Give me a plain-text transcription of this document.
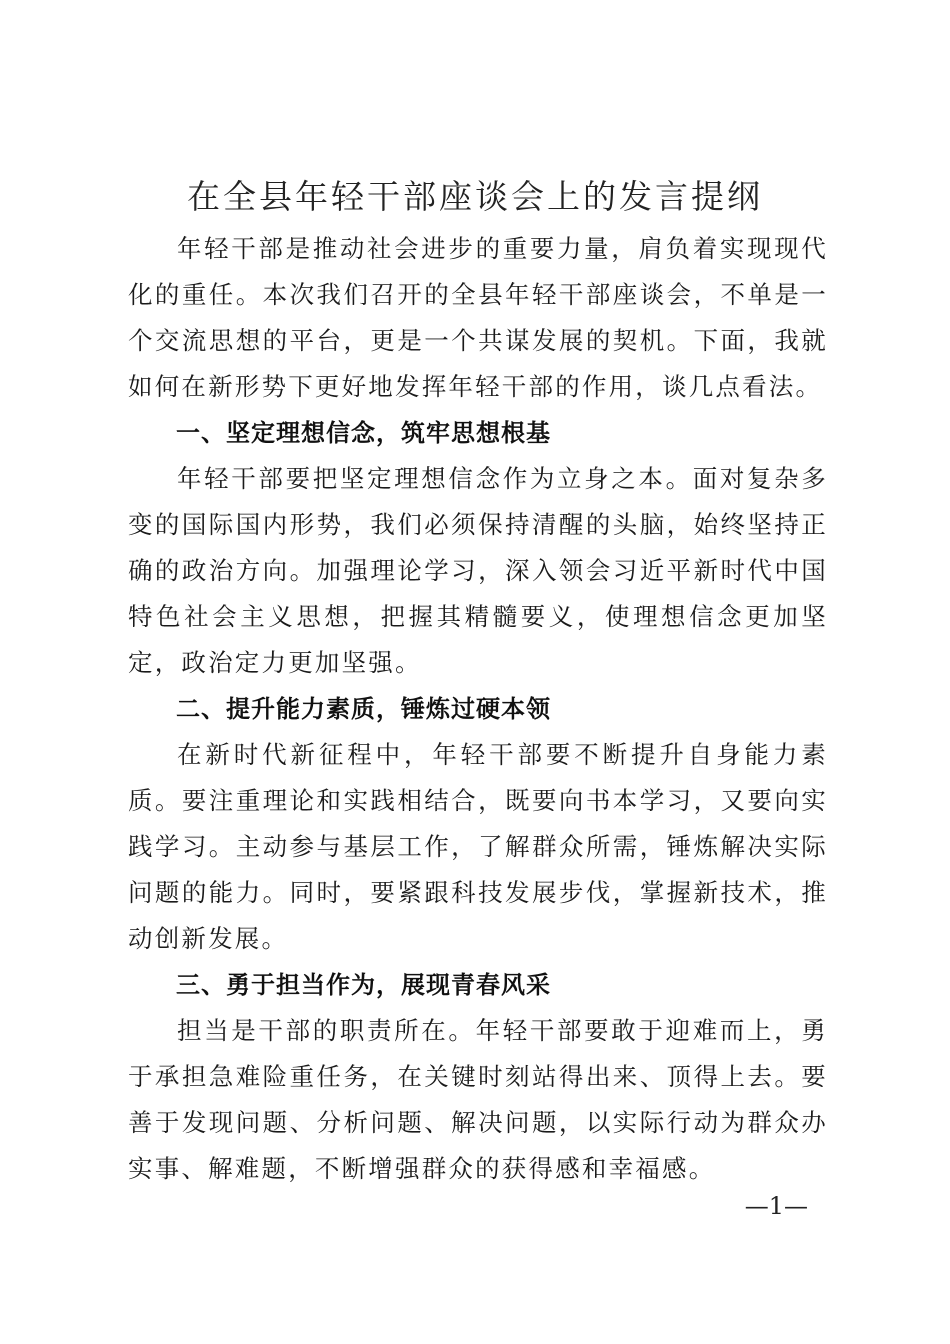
在全县年轻干部座谈会上的发言提纲

年轻干部是推动社会进步的重要力量，肩负着实现现代化的重任。本次我们召开的全县年轻干部座谈会，不单是一个交流思想的平台，更是一个共谋发展的契机。下面，我就如何在新形势下更好地发挥年轻干部的作用，谈几点看法。

一、坚定理想信念，筑牢思想根基

年轻干部要把坚定理想信念作为立身之本。面对复杂多变的国际国内形势，我们必须保持清醒的头脑，始终坚持正确的政治方向。加强理论学习，深入领会习近平新时代中国特色社会主义思想，把握其精髓要义，使理想信念更加坚定，政治定力更加坚强。

二、提升能力素质，锤炼过硬本领

在新时代新征程中，年轻干部要不断提升自身能力素质。要注重理论和实践相结合，既要向书本学习，又要向实践学习。主动参与基层工作，了解群众所需，锤炼解决实际问题的能力。同时，要紧跟科技发展步伐，掌握新技术，推动创新发展。

三、勇于担当作为，展现青春风采

担当是干部的职责所在。年轻干部要敢于迎难而上，勇于承担急难险重任务，在关键时刻站得出来、顶得上去。要善于发现问题、分析问题、解决问题，以实际行动为群众办实事、解难题，不断增强群众的获得感和幸福感。

—1—
